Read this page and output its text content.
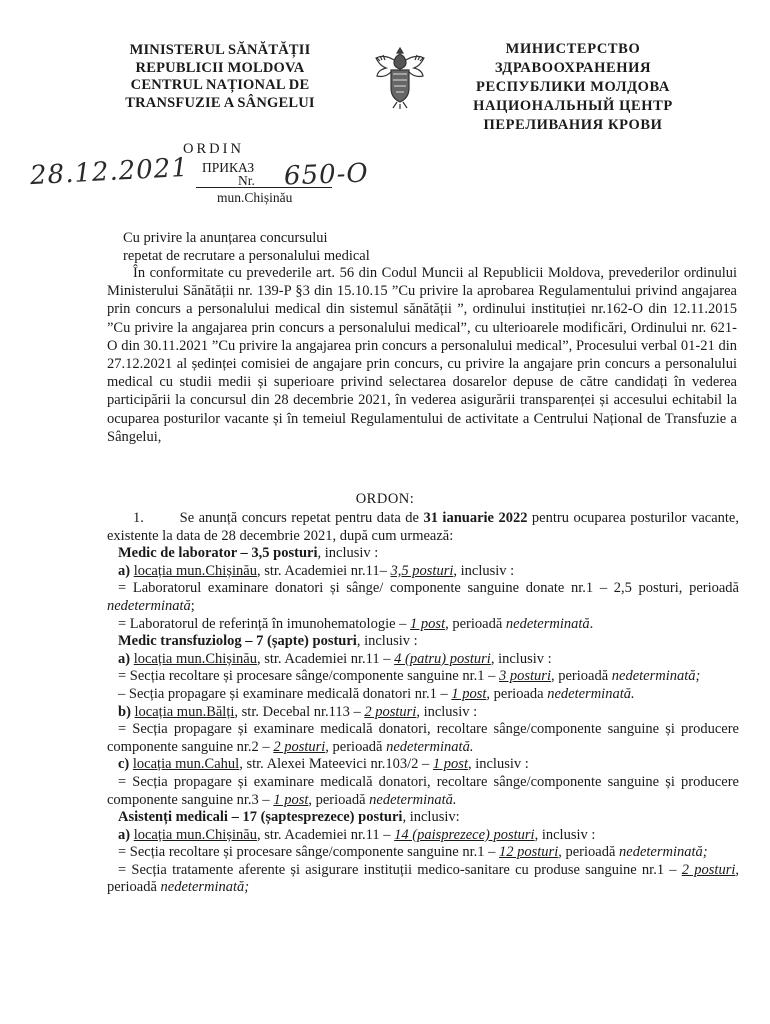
MINISTERUL SĂNĂTĂȚII
REPUBLICII MOLDOVA
CENTRUL NAȚIONAL DE
TRANSFUZIE A SÂNGELUI
МИНИСТЕРСТВО
ЗДРАВООХРАНЕНИЯ
РЕСПУБЛИКИ МОЛДОВА
НАЦИОНАЛЬНЫЙ ЦЕНТР
ПЕРЕЛИВАНИЯ КРОВИ
ORDIN
ПРИКАЗ
Nr.
28.12.2021	650-O
mun.Chișinău
Cu privire la anunțarea concursului
repetat de recrutare a personalului medical

În conformitate cu prevederile art. 56 din Codul Muncii al Republicii Moldova, prevederilor ordinului Ministerului Sănătății nr. 139-P §3 din 15.10.15 ”Cu privire la aprobarea Regulamentului privind angajarea prin concurs a personalului medical din sistemul sănătății ”, ordinului instituției nr.162-O din 12.11.2015 ”Cu privire la angajarea prin concurs a personalului medical”, cu ulterioarele modificări, Ordinului nr. 621-O din 30.11.2021 ”Cu privire la angajarea prin concurs a personalului medical”, Procesului verbal 01-21 din 27.12.2021 al ședinței comisiei de angajare prin concurs, cu privire la angajare prin concurs a personalului medical cu studii medii și superioare privind selectarea dosarelor depuse de către candidați în vederea participării la concursul din 28 decembrie 2021, în vederea asigurării transparenței și accesului echitabil la ocuparea posturilor vacante și în temeiul Regulamentului de activitate a Centrului Național de Transfuzie a Sângelui,

ORDON:

1. Se anunță concurs repetat pentru data de 31 ianuarie 2022 pentru ocuparea posturilor vacante, existente la data de 28 decembrie 2021, după cum urmează:

Medic de laborator – 3,5 posturi, inclusiv :

a) locația mun.Chișinău, str. Academiei nr.11– 3,5 posturi, inclusiv :

= Laboratorul examinare donatori și sânge/ componente sanguine donate nr.1 – 2,5 posturi, perioadă nedeterminată;

= Laboratorul de referință în imunohematologie – 1 post, perioadă nedeterminată.

Medic transfuziolog – 7 (șapte) posturi, inclusiv :

a) locația mun.Chișinău, str. Academiei nr.11 – 4 (patru) posturi, inclusiv :

= Secția recoltare și procesare sânge/componente sanguine nr.1 – 3 posturi, perioadă nedeterminată;

– Secția propagare și examinare medicală donatori nr.1 – 1 post, perioada nedeterminată.

b) locația mun.Bălți, str. Decebal nr.113 – 2 posturi, inclusiv :

= Secția propagare și examinare medicală donatori, recoltare sânge/componente sanguine și producere componente sanguine nr.2 – 2 posturi, perioadă nedeterminată.

c) locația mun.Cahul, str. Alexei Mateevici nr.103/2 – 1 post, inclusiv :

= Secția propagare și examinare medicală donatori, recoltare sânge/componente sanguine și producere componente sanguine nr.3 – 1 post, perioadă nedeterminată.

Asistenți medicali – 17 (șaptesprezece) posturi, inclusiv:

a) locația mun.Chișinău, str. Academiei nr.11 – 14 (paisprezece) posturi, inclusiv :

= Secția recoltare și procesare sânge/componente sanguine nr.1 – 12 posturi, perioadă nedeterminată;

= Secția tratamente aferente și asigurare instituții medico-sanitare cu produse sanguine nr.1 – 2 posturi, perioadă nedeterminată;
